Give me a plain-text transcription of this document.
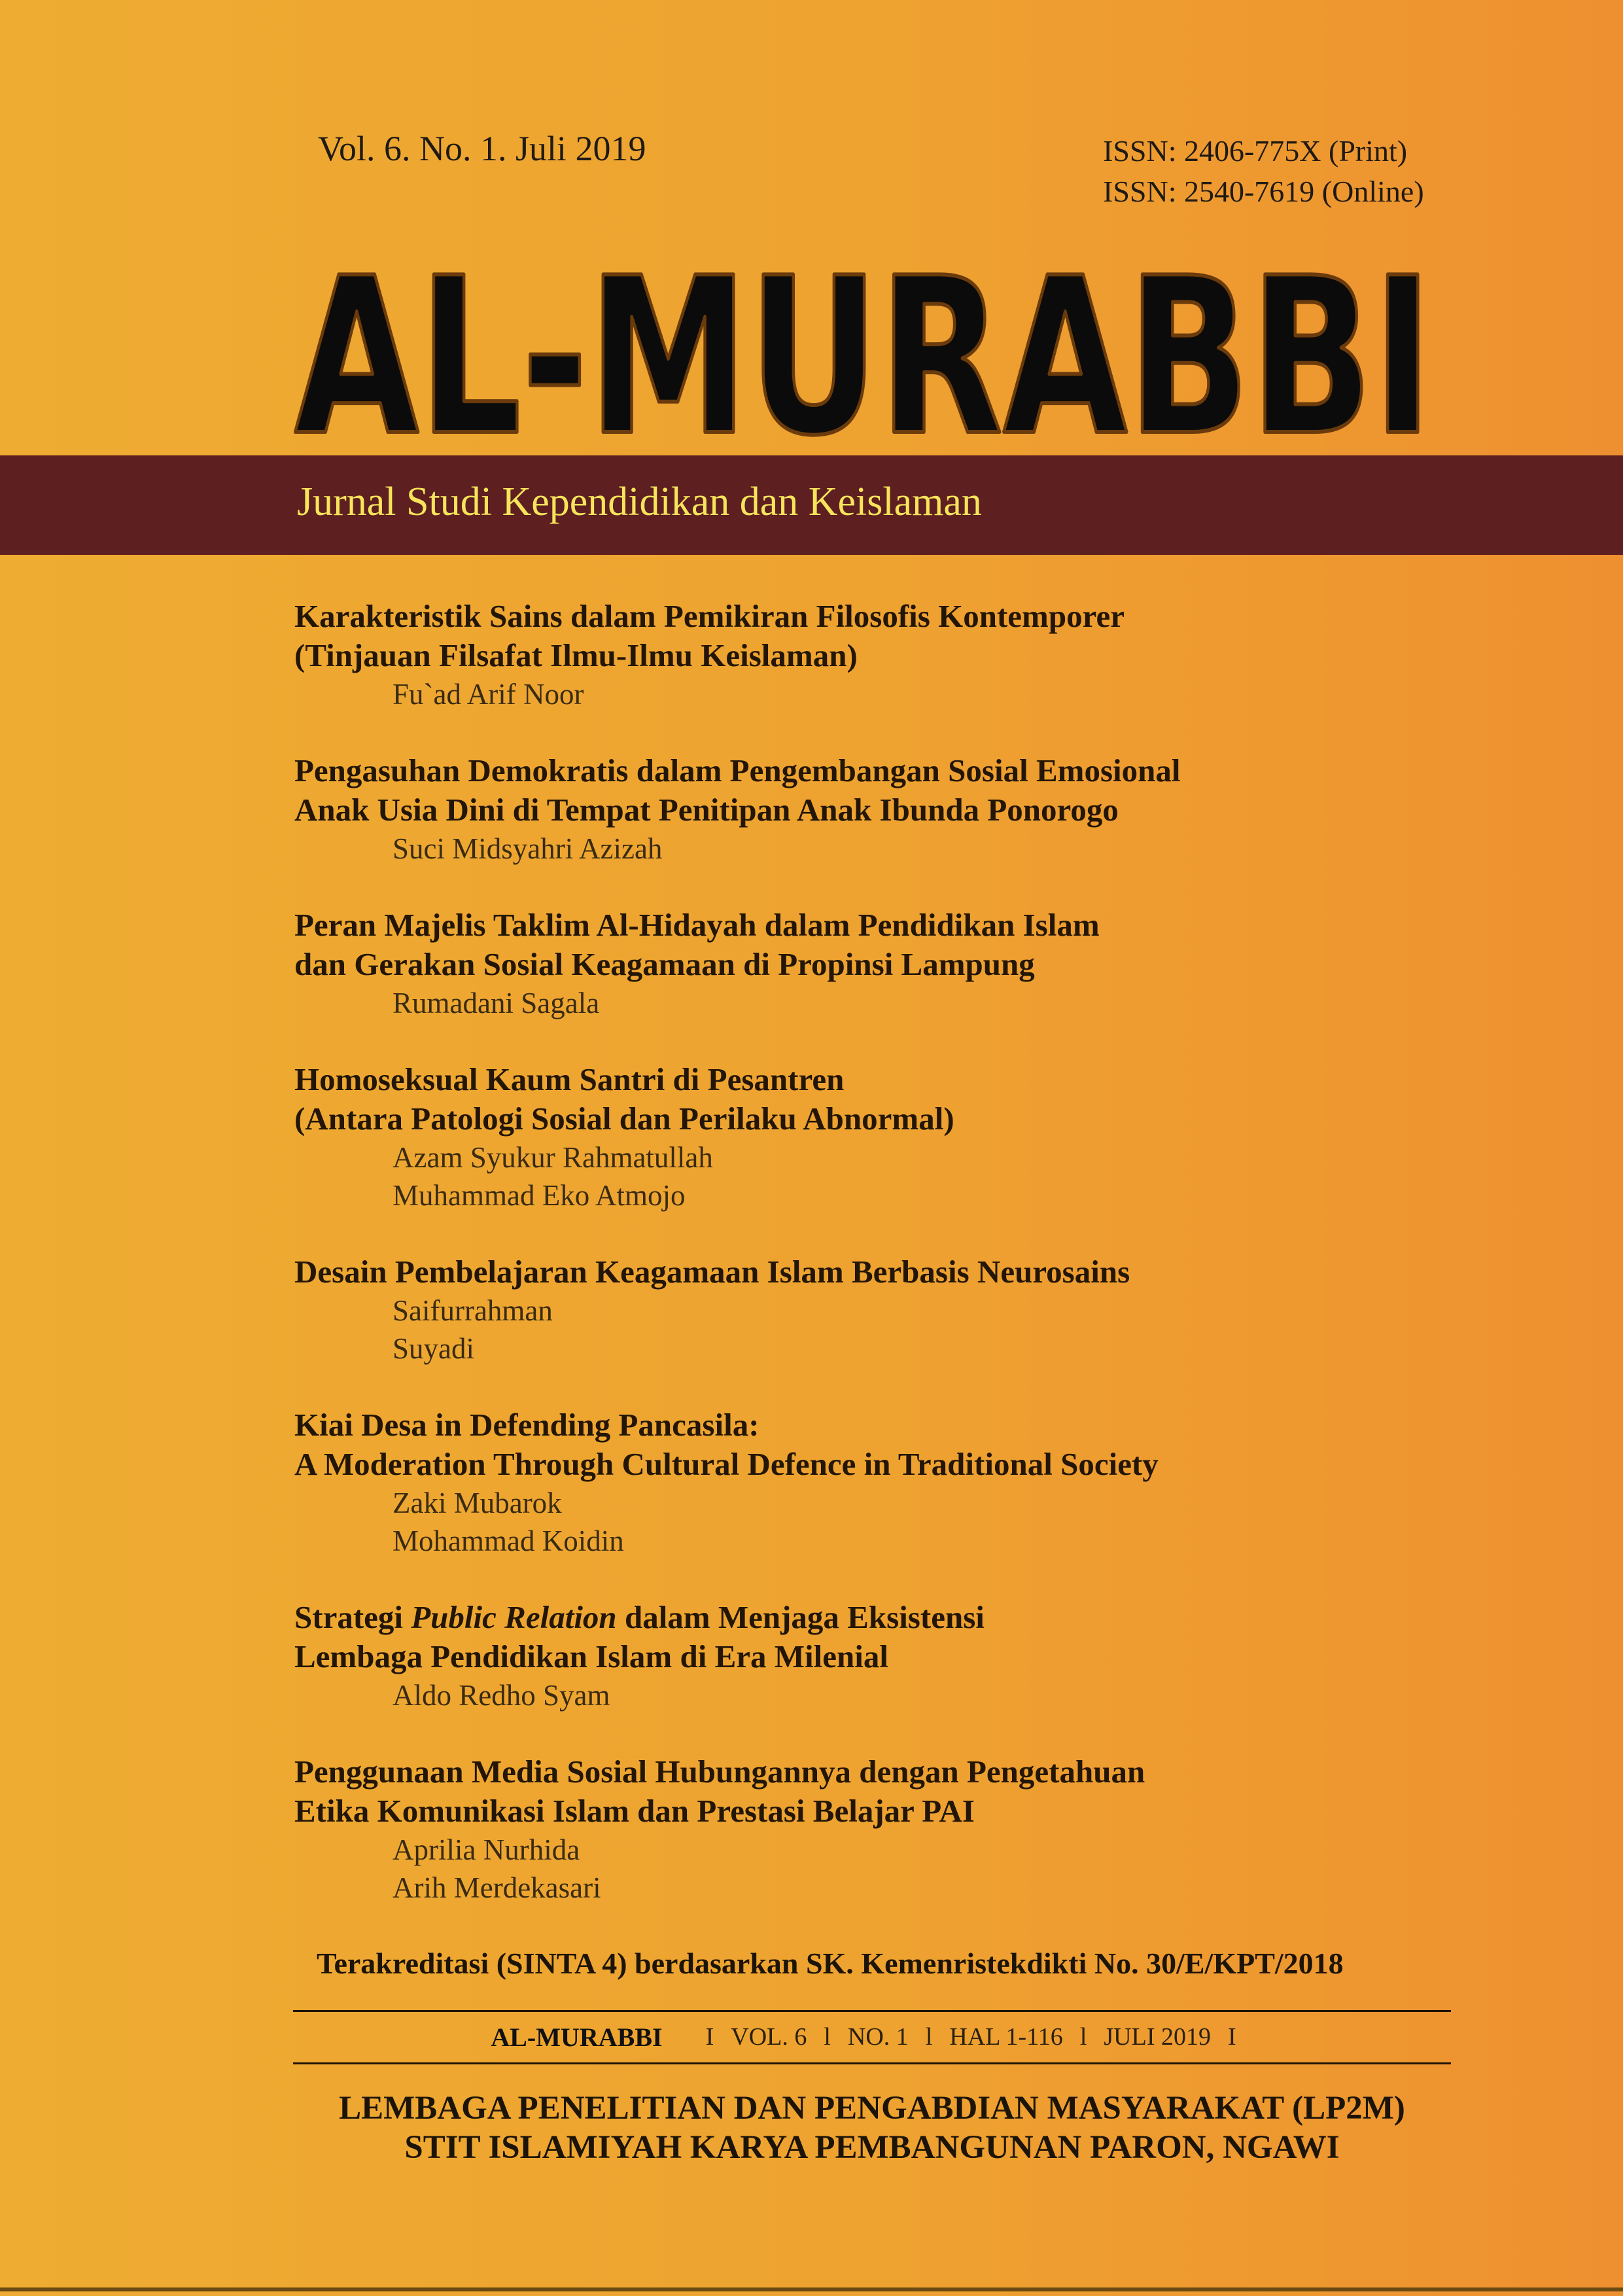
Vol. 6. No. 1. Juli 2019	ISSN: 2406-775X (Print)
ISSN: 2540-7619 (Online)
AL-MURABBI
Jurnal Studi Kependidikan dan Keislaman
Karakteristik Sains dalam Pemikiran Filosofis Kontemporer
(Tinjauan Filsafat Ilmu-Ilmu Keislaman)
Fu`ad Arif Noor
Pengasuhan Demokratis dalam Pengembangan Sosial Emosional
Anak Usia Dini di Tempat Penitipan Anak Ibunda Ponorogo
Suci Midsyahri Azizah
Peran Majelis Taklim Al-Hidayah dalam Pendidikan Islam
dan Gerakan Sosial Keagamaan di Propinsi Lampung
Rumadani Sagala
Homoseksual Kaum Santri di Pesantren
(Antara Patologi Sosial dan Perilaku Abnormal)
Azam Syukur Rahmatullah
Muhammad Eko Atmojo
Desain Pembelajaran Keagamaan Islam Berbasis Neurosains
Saifurrahman
Suyadi
Kiai Desa in Defending Pancasila:
A Moderation Through Cultural Defence in Traditional Society
Zaki Mubarok
Mohammad Koidin
Strategi Public Relation dalam Menjaga Eksistensi
Lembaga Pendidikan Islam di Era Milenial
Aldo Redho Syam
Penggunaan Media Sosial Hubungannya dengan Pengetahuan
Etika Komunikasi Islam dan Prestasi Belajar PAI
Aprilia Nurhida
Arih Merdekasari
Terakreditasi (SINTA 4) berdasarkan SK. Kemenristekdikti No. 30/E/KPT/2018
AL-MURABBI I VOL. 6 l NO. 1 l HAL 1-116 l JULI 2019 I
LEMBAGA PENELITIAN DAN PENGABDIAN MASYARAKAT (LP2M)
STIT ISLAMIYAH KARYA PEMBANGUNAN PARON, NGAWI
